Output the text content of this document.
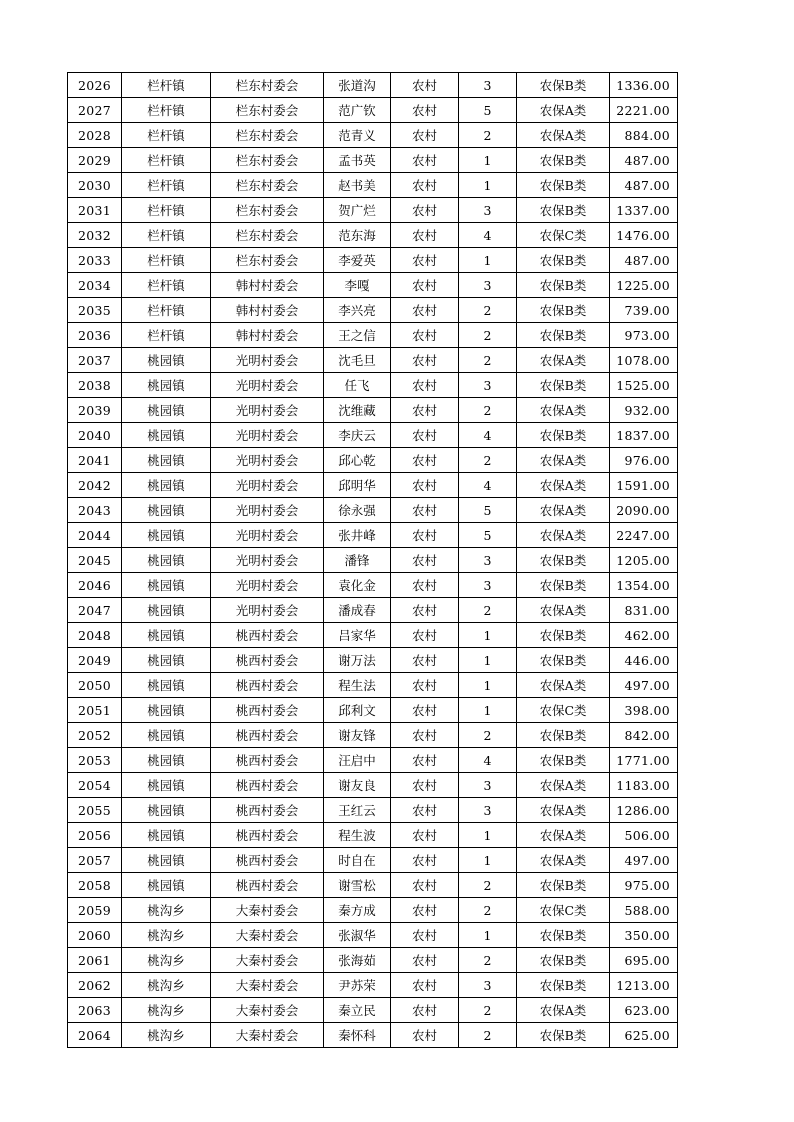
2026	栏杆镇	栏东村委会	张道沟	农村	3	农保B类	1336.00
2027	栏杆镇	栏东村委会	范广钦	农村	5	农保A类	2221.00
2028	栏杆镇	栏东村委会	范青义	农村	2	农保A类	884.00
2029	栏杆镇	栏东村委会	孟书英	农村	1	农保B类	487.00
2030	栏杆镇	栏东村委会	赵书美	农村	1	农保B类	487.00
2031	栏杆镇	栏东村委会	贺广烂	农村	3	农保B类	1337.00
2032	栏杆镇	栏东村委会	范东海	农村	4	农保C类	1476.00
2033	栏杆镇	栏东村委会	李爱英	农村	1	农保B类	487.00
2034	栏杆镇	韩村村委会	李嘎	农村	3	农保B类	1225.00
2035	栏杆镇	韩村村委会	李兴亮	农村	2	农保B类	739.00
2036	栏杆镇	韩村村委会	王之信	农村	2	农保B类	973.00
2037	桃园镇	光明村委会	沈毛旦	农村	2	农保A类	1078.00
2038	桃园镇	光明村委会	任飞	农村	3	农保B类	1525.00
2039	桃园镇	光明村委会	沈维藏	农村	2	农保A类	932.00
2040	桃园镇	光明村委会	李庆云	农村	4	农保B类	1837.00
2041	桃园镇	光明村委会	邱心乾	农村	2	农保A类	976.00
2042	桃园镇	光明村委会	邱明华	农村	4	农保A类	1591.00
2043	桃园镇	光明村委会	徐永强	农村	5	农保A类	2090.00
2044	桃园镇	光明村委会	张井峰	农村	5	农保A类	2247.00
2045	桃园镇	光明村委会	潘锋	农村	3	农保B类	1205.00
2046	桃园镇	光明村委会	袁化金	农村	3	农保B类	1354.00
2047	桃园镇	光明村委会	潘成春	农村	2	农保A类	831.00
2048	桃园镇	桃西村委会	吕家华	农村	1	农保B类	462.00
2049	桃园镇	桃西村委会	谢万法	农村	1	农保B类	446.00
2050	桃园镇	桃西村委会	程生法	农村	1	农保A类	497.00
2051	桃园镇	桃西村委会	邱利文	农村	1	农保C类	398.00
2052	桃园镇	桃西村委会	谢友锋	农村	2	农保B类	842.00
2053	桃园镇	桃西村委会	汪启中	农村	4	农保B类	1771.00
2054	桃园镇	桃西村委会	谢友良	农村	3	农保A类	1183.00
2055	桃园镇	桃西村委会	王红云	农村	3	农保A类	1286.00
2056	桃园镇	桃西村委会	程生波	农村	1	农保A类	506.00
2057	桃园镇	桃西村委会	时自在	农村	1	农保A类	497.00
2058	桃园镇	桃西村委会	谢雪松	农村	2	农保B类	975.00
2059	桃沟乡	大秦村委会	秦方成	农村	2	农保C类	588.00
2060	桃沟乡	大秦村委会	张淑华	农村	1	农保B类	350.00
2061	桃沟乡	大秦村委会	张海茹	农村	2	农保B类	695.00
2062	桃沟乡	大秦村委会	尹苏荣	农村	3	农保B类	1213.00
2063	桃沟乡	大秦村委会	秦立民	农村	2	农保A类	623.00
2064	桃沟乡	大秦村委会	秦怀科	农村	2	农保B类	625.00
